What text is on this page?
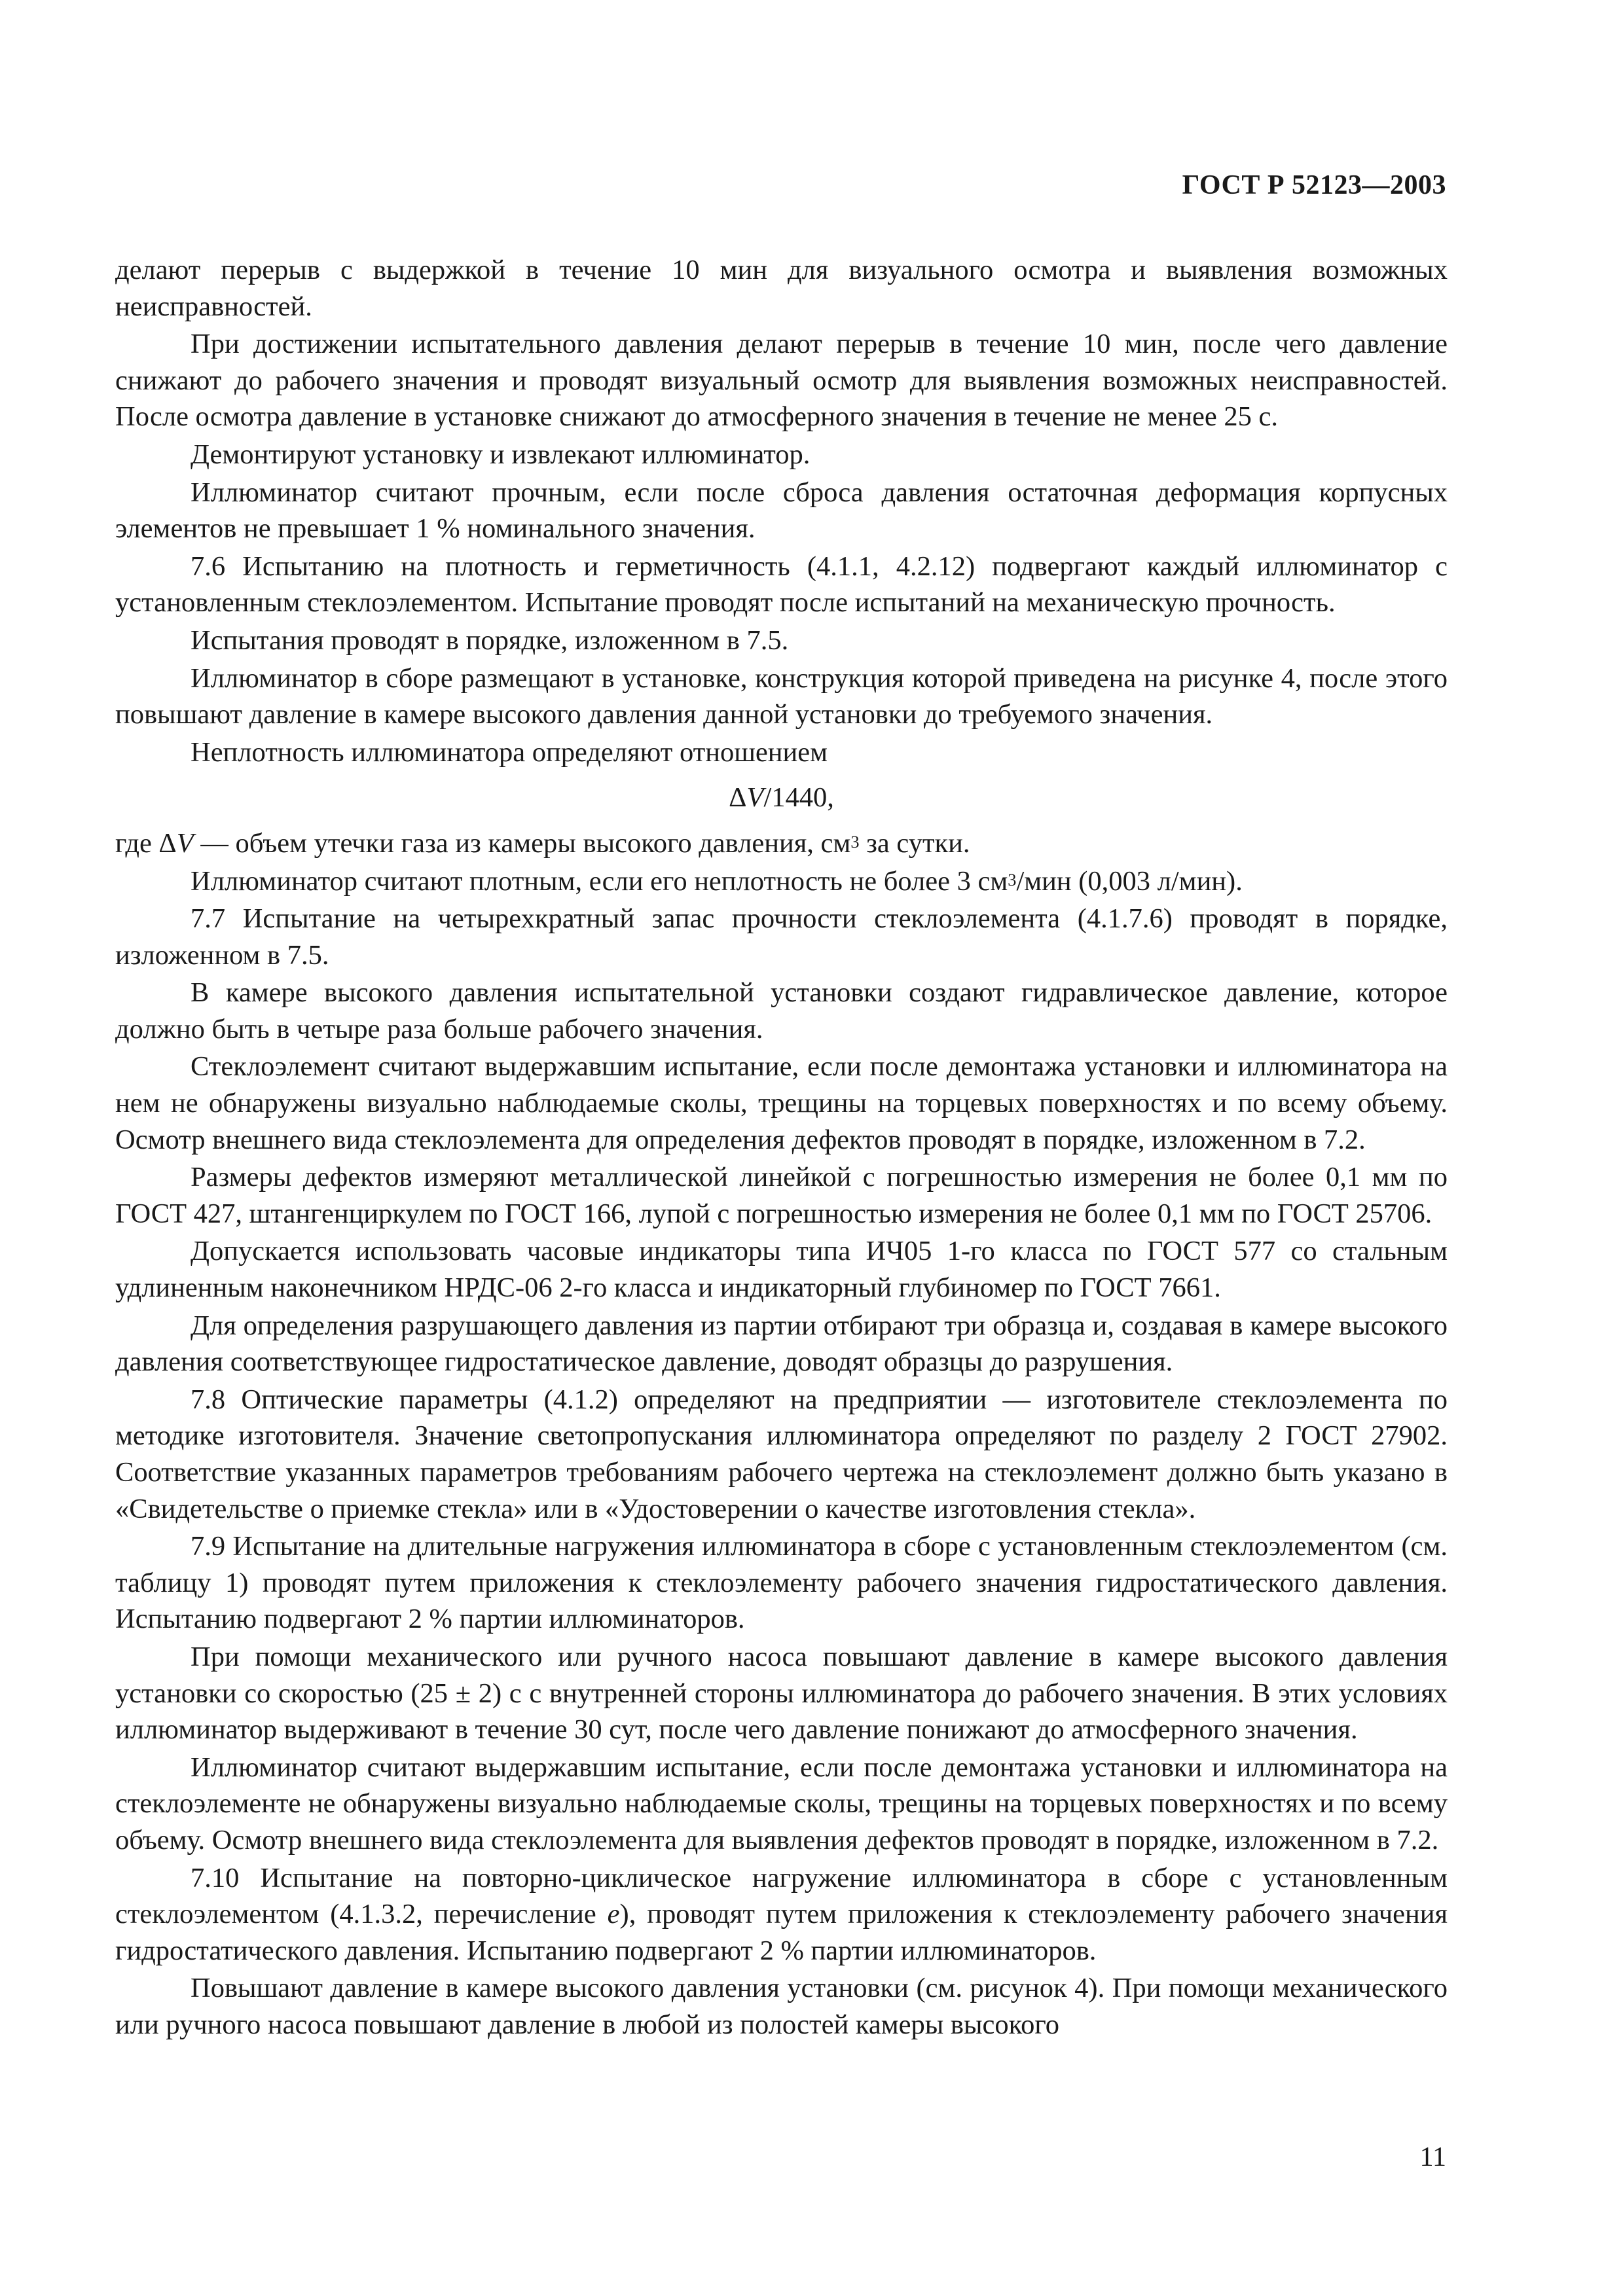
ГОСТ Р 52123—2003

делают перерыв с выдержкой в течение 10 мин для визуального осмотра и выявления возможных неисправностей.

При достижении испытательного давления делают перерыв в течение 10 мин, после чего давление снижают до рабочего значения и проводят визуальный осмотр для выявления возможных неисправностей. После осмотра давление в установке снижают до атмосферного значения в течение не менее 25 с.

Демонтируют установку и извлекают иллюминатор.

Иллюминатор считают прочным, если после сброса давления остаточная деформация корпусных элементов не превышает 1 % номинального значения.

7.6 Испытанию на плотность и герметичность (4.1.1, 4.2.12) подвергают каждый иллюминатор с установленным стеклоэлементом. Испытание проводят после испытаний на механическую прочность.

Испытания проводят в порядке, изложенном в 7.5.

Иллюминатор в сборе размещают в установке, конструкция которой приведена на рисунке 4, после этого повышают давление в камере высокого давления данной установки до требуемого значения.

Неплотность иллюминатора определяют отношением

ΔV/1440,

где ΔV — объем утечки газа из камеры высокого давления, $см^3$ за сутки.

Иллюминатор считают плотным, если его неплотность не более 3 $см^3$/мин (0,003 л/мин).

7.7 Испытание на четырехкратный запас прочности стеклоэлемента (4.1.7.6) проводят в порядке, изложенном в 7.5.

В камере высокого давления испытательной установки создают гидравлическое давление, которое должно быть в четыре раза больше рабочего значения.

Стеклоэлемент считают выдержавшим испытание, если после демонтажа установки и иллюминатора на нем не обнаружены визуально наблюдаемые сколы, трещины на торцевых поверхностях и по всему объему. Осмотр внешнего вида стеклоэлемента для определения дефектов проводят в порядке, изложенном в 7.2.

Размеры дефектов измеряют металлической линейкой с погрешностью измерения не более 0,1 мм по ГОСТ 427, штангенциркулем по ГОСТ 166, лупой с погрешностью измерения не более 0,1 мм по ГОСТ 25706.

Допускается использовать часовые индикаторы типа ИЧ05 1-го класса по ГОСТ 577 со стальным удлиненным наконечником НРДС-06 2-го класса и индикаторный глубиномер по ГОСТ 7661.

Для определения разрушающего давления из партии отбирают три образца и, создавая в камере высокого давления соответствующее гидростатическое давление, доводят образцы до разрушения.

7.8 Оптические параметры (4.1.2) определяют на предприятии — изготовителе стеклоэлемента по методике изготовителя. Значение светопропускания иллюминатора определяют по разделу 2 ГОСТ 27902. Соответствие указанных параметров требованиям рабочего чертежа на стеклоэлемент должно быть указано в «Свидетельстве о приемке стекла» или в «Удостоверении о качестве изготовления стекла».

7.9 Испытание на длительные нагружения иллюминатора в сборе с установленным стеклоэлементом (см. таблицу 1) проводят путем приложения к стеклоэлементу рабочего значения гидростатического давления. Испытанию подвергают 2 % партии иллюминаторов.

При помощи механического или ручного насоса повышают давление в камере высокого давления установки со скоростью (25 ± 2) с с внутренней стороны иллюминатора до рабочего значения. В этих условиях иллюминатор выдерживают в течение 30 сут, после чего давление понижают до атмосферного значения.

Иллюминатор считают выдержавшим испытание, если после демонтажа установки и иллюминатора на стеклоэлементе не обнаружены визуально наблюдаемые сколы, трещины на торцевых поверхностях и по всему объему. Осмотр внешнего вида стеклоэлемента для выявления дефектов проводят в порядке, изложенном в 7.2.

7.10 Испытание на повторно-циклическое нагружение иллюминатора в сборе с установленным стеклоэлементом (4.1.3.2, перечисление е), проводят путем приложения к стеклоэлементу рабочего значения гидростатического давления. Испытанию подвергают 2 % партии иллюминаторов.

Повышают давление в камере высокого давления установки (см. рисунок 4). При помощи механического или ручного насоса повышают давление в любой из полостей камеры высокого

11
